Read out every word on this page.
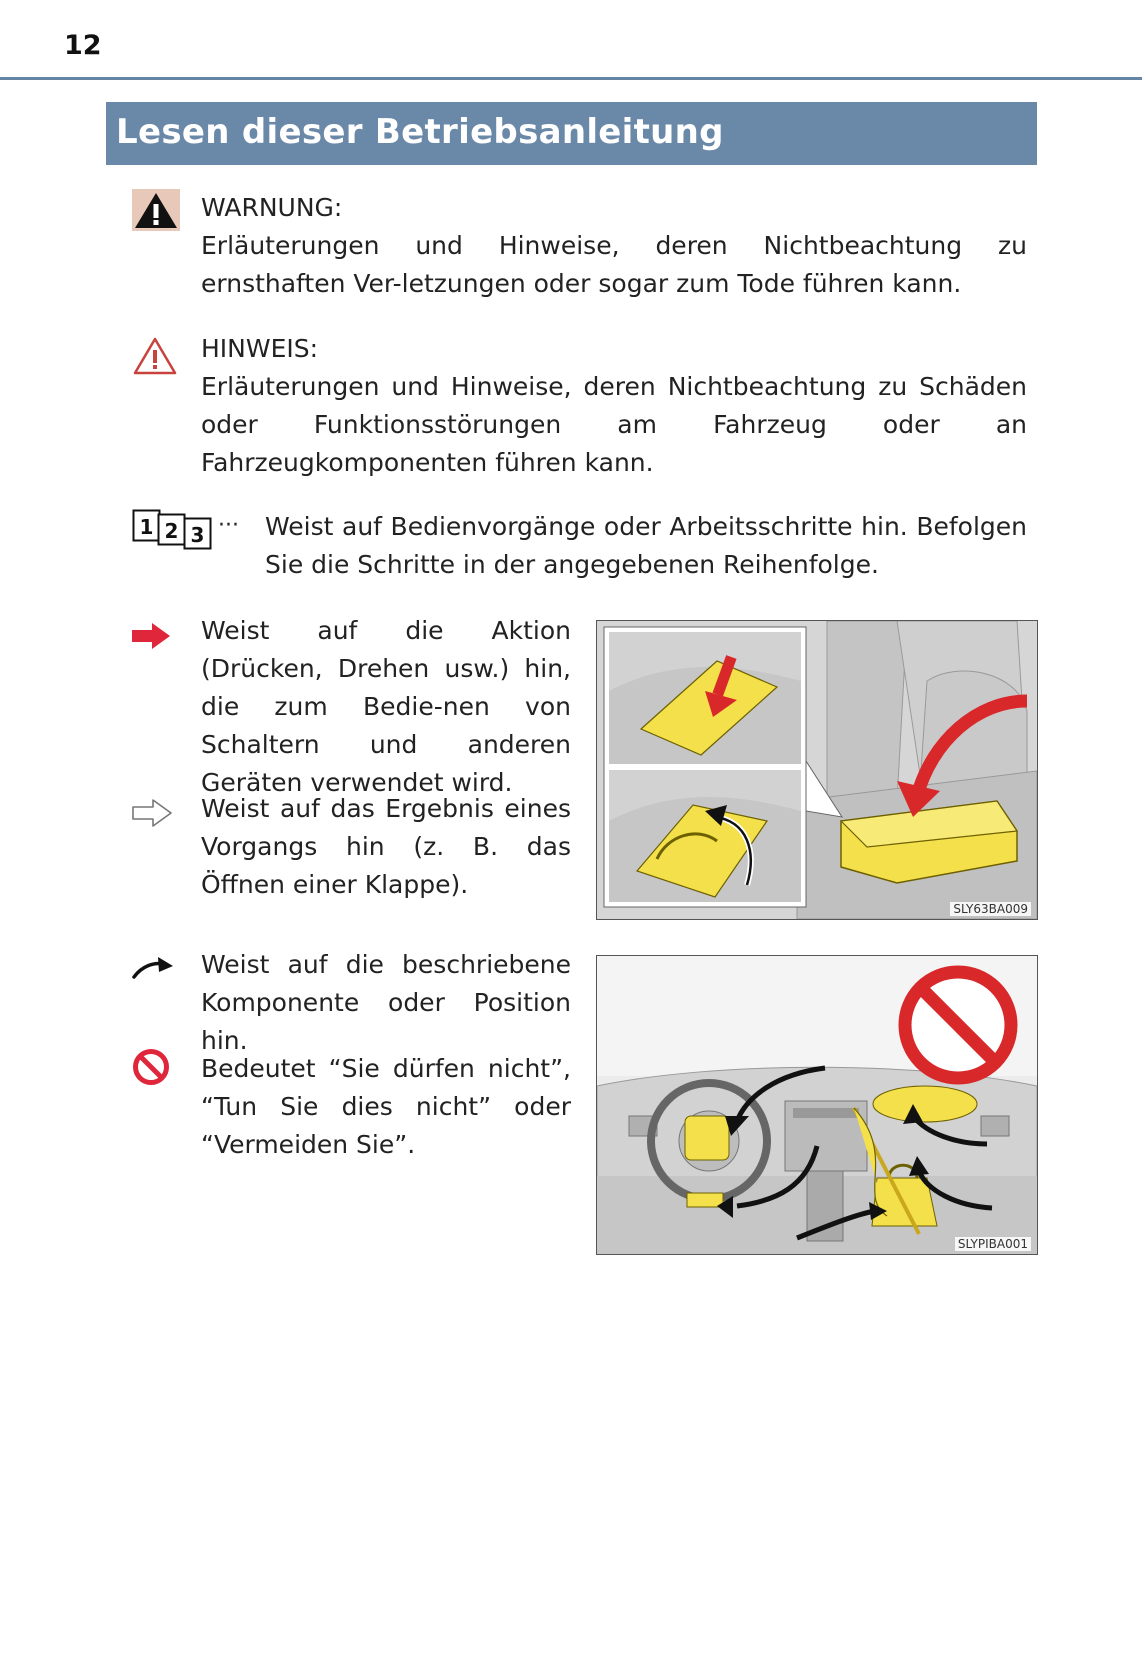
12
Lesen dieser Betriebsanleitung
WARNUNG:
Erläuterungen und Hinweise, deren Nichtbeachtung zu ernsthaften Ver-letzungen oder sogar zum Tode führen kann.
HINWEIS:
Erläuterungen und Hinweise, deren Nichtbeachtung zu Schäden oder Funktionsstörungen am Fahrzeug oder an Fahrzeugkomponenten führen kann.
1 2 3 ··· Weist auf Bedienvorgänge oder Arbeitsschritte hin. Befolgen Sie die Schritte in der angegebenen Reihenfolge.
Weist auf die Aktion (Drücken, Drehen usw.) hin, die zum Bedie-nen von Schaltern und anderen Geräten verwendet wird.
Weist auf das Ergebnis eines Vorgangs hin (z. B. das Öffnen einer Klappe).
Weist auf die beschriebene Komponente oder Position hin.
Bedeutet “Sie dürfen nicht”, “Tun Sie dies nicht” oder “Vermeiden Sie”.
SLY63BA009
SLYPIBA001
